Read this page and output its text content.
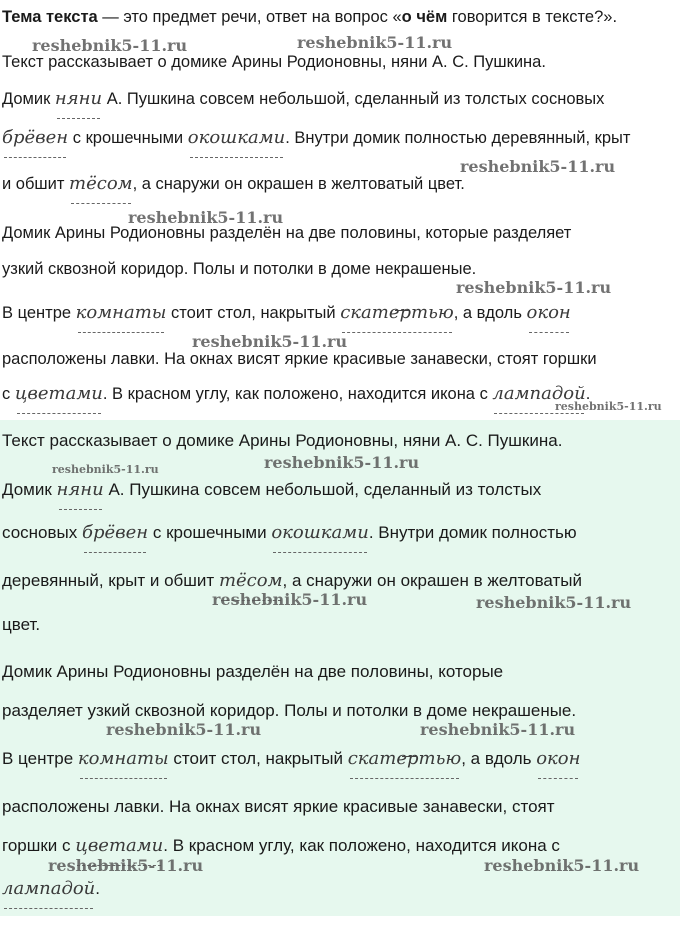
Тема текста — это предмет речи, ответ на вопрос «о чём говорится в тексте?».
Текст рассказывает о домике Арины Родионовны, няни А. С. Пушкина.
Домик няни А. Пушкина совсем небольшой, сделанный из толстых сосновых
брёвен с крошечными окошками. Внутри домик полностью деревянный, крыт
и обшит тёсом, а снаружи он окрашен в желтоватый цвет.
Домик Арины Родионовны разделён на две половины, которые разделяет
узкий сквозной коридор. Полы и потолки в доме некрашеные.
В центре комнаты стоит стол, накрытый скатертью, а вдоль окон
расположены лавки. На окнах висят яркие красивые занавески, стоят горшки
с цветами. В красном углу, как положено, находится икона с лампадой.
reshebnik5-11.ru	reshebnik5-11.ru
reshebnik5-11.ru
reshebnik5-11.ru
reshebnik5-11.ru
reshebnik5-11.ru
reshebnik5-11.ru
Текст рассказывает о домике Арины Родионовны, няни А. С. Пушкина.
Домик няни А. Пушкина совсем небольшой, сделанный из толстых
сосновых брёвен с крошечными окошками. Внутри домик полностью
деревянный, крыт и обшит тёсом, а снаружи он окрашен в желтоватый
цвет.
Домик Арины Родионовны разделён на две половины, которые
разделяет узкий сквозной коридор. Полы и потолки в доме некрашеные.
В центре комнаты стоит стол, накрытый скатертью, а вдоль окон
расположены лавки. На окнах висят яркие красивые занавески, стоят
горшки с цветами. В красном углу, как положено, находится икона с
лампадой.
reshebnik5-11.ru	reshebnik5-11.ru
reshebnik5-11.ru	reshebnik5-11.ru
reshebnik5-11.ru	reshebnik5-11.ru
reshebnik5-11.ru	reshebnik5-11.ru
